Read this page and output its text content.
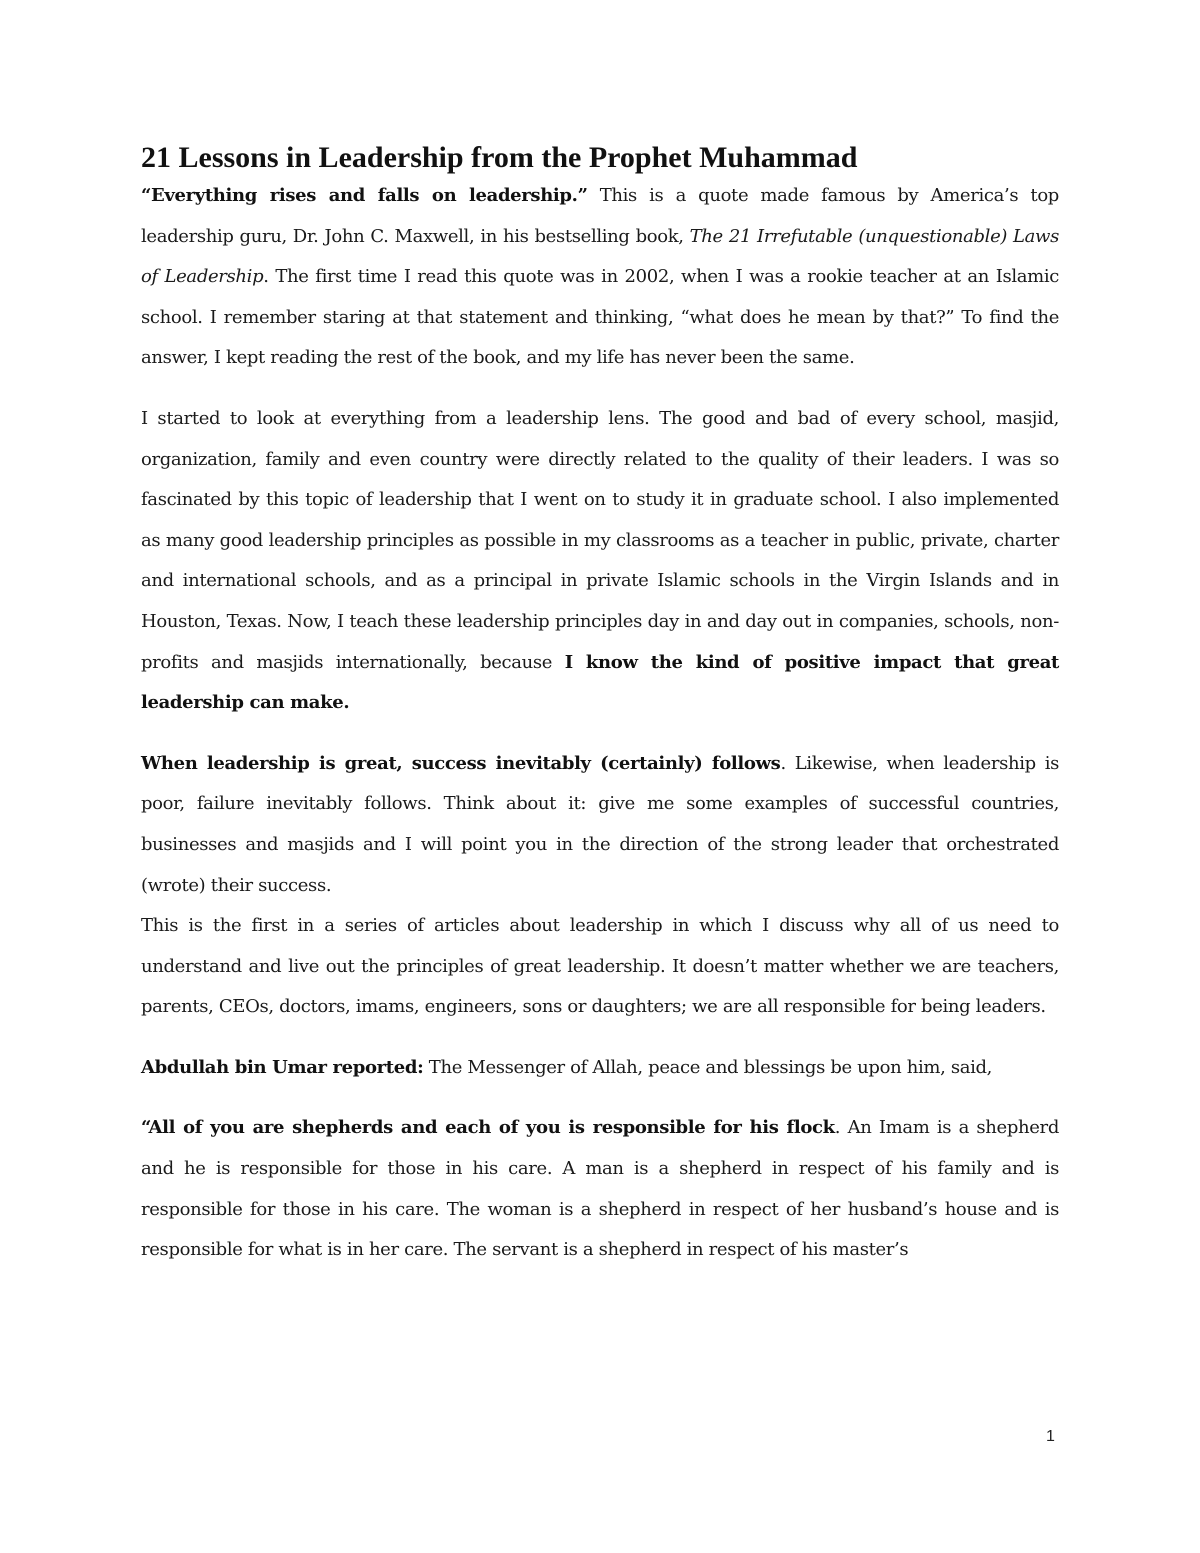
21 Lessons in Leadership from the Prophet Muhammad

“Everything rises and falls on leadership.” This is a quote made famous by America’s top leadership guru, Dr. John C. Maxwell, in his bestselling book, The 21 Irrefutable (unquestionable) Laws of Leadership. The first time I read this quote was in 2002, when I was a rookie teacher at an Islamic school. I remember staring at that statement and thinking, “what does he mean by that?” To find the answer, I kept reading the rest of the book, and my life has never been the same.

I started to look at everything from a leadership lens. The good and bad of every school, masjid, organization, family and even country were directly related to the quality of their leaders. I was so fascinated by this topic of leadership that I went on to study it in graduate school. I also implemented as many good leadership principles as possible in my classrooms as a teacher in public, private, charter and international schools, and as a principal in private Islamic schools in the Virgin Islands and in Houston, Texas. Now, I teach these leadership principles day in and day out in companies, schools, non-profits and masjids internationally, because I know the kind of positive impact that great leadership can make.

When leadership is great, success inevitably (certainly) follows. Likewise, when leadership is poor, failure inevitably follows. Think about it: give me some examples of successful countries, businesses and masjids and I will point you in the direction of the strong leader that orchestrated (wrote) their success.

This is the first in a series of articles about leadership in which I discuss why all of us need to understand and live out the principles of great leadership. It doesn’t matter whether we are teachers, parents, CEOs, doctors, imams, engineers, sons or daughters; we are all responsible for being leaders.

Abdullah bin Umar reported: The Messenger of Allah, peace and blessings be upon him, said,

“All of you are shepherds and each of you is responsible for his flock. An Imam is a shepherd and he is responsible for those in his care. A man is a shepherd in respect of his family and is responsible for those in his care. The woman is a shepherd in respect of her husband’s house and is responsible for what is in her care. The servant is a shepherd in respect of his master’s

1
